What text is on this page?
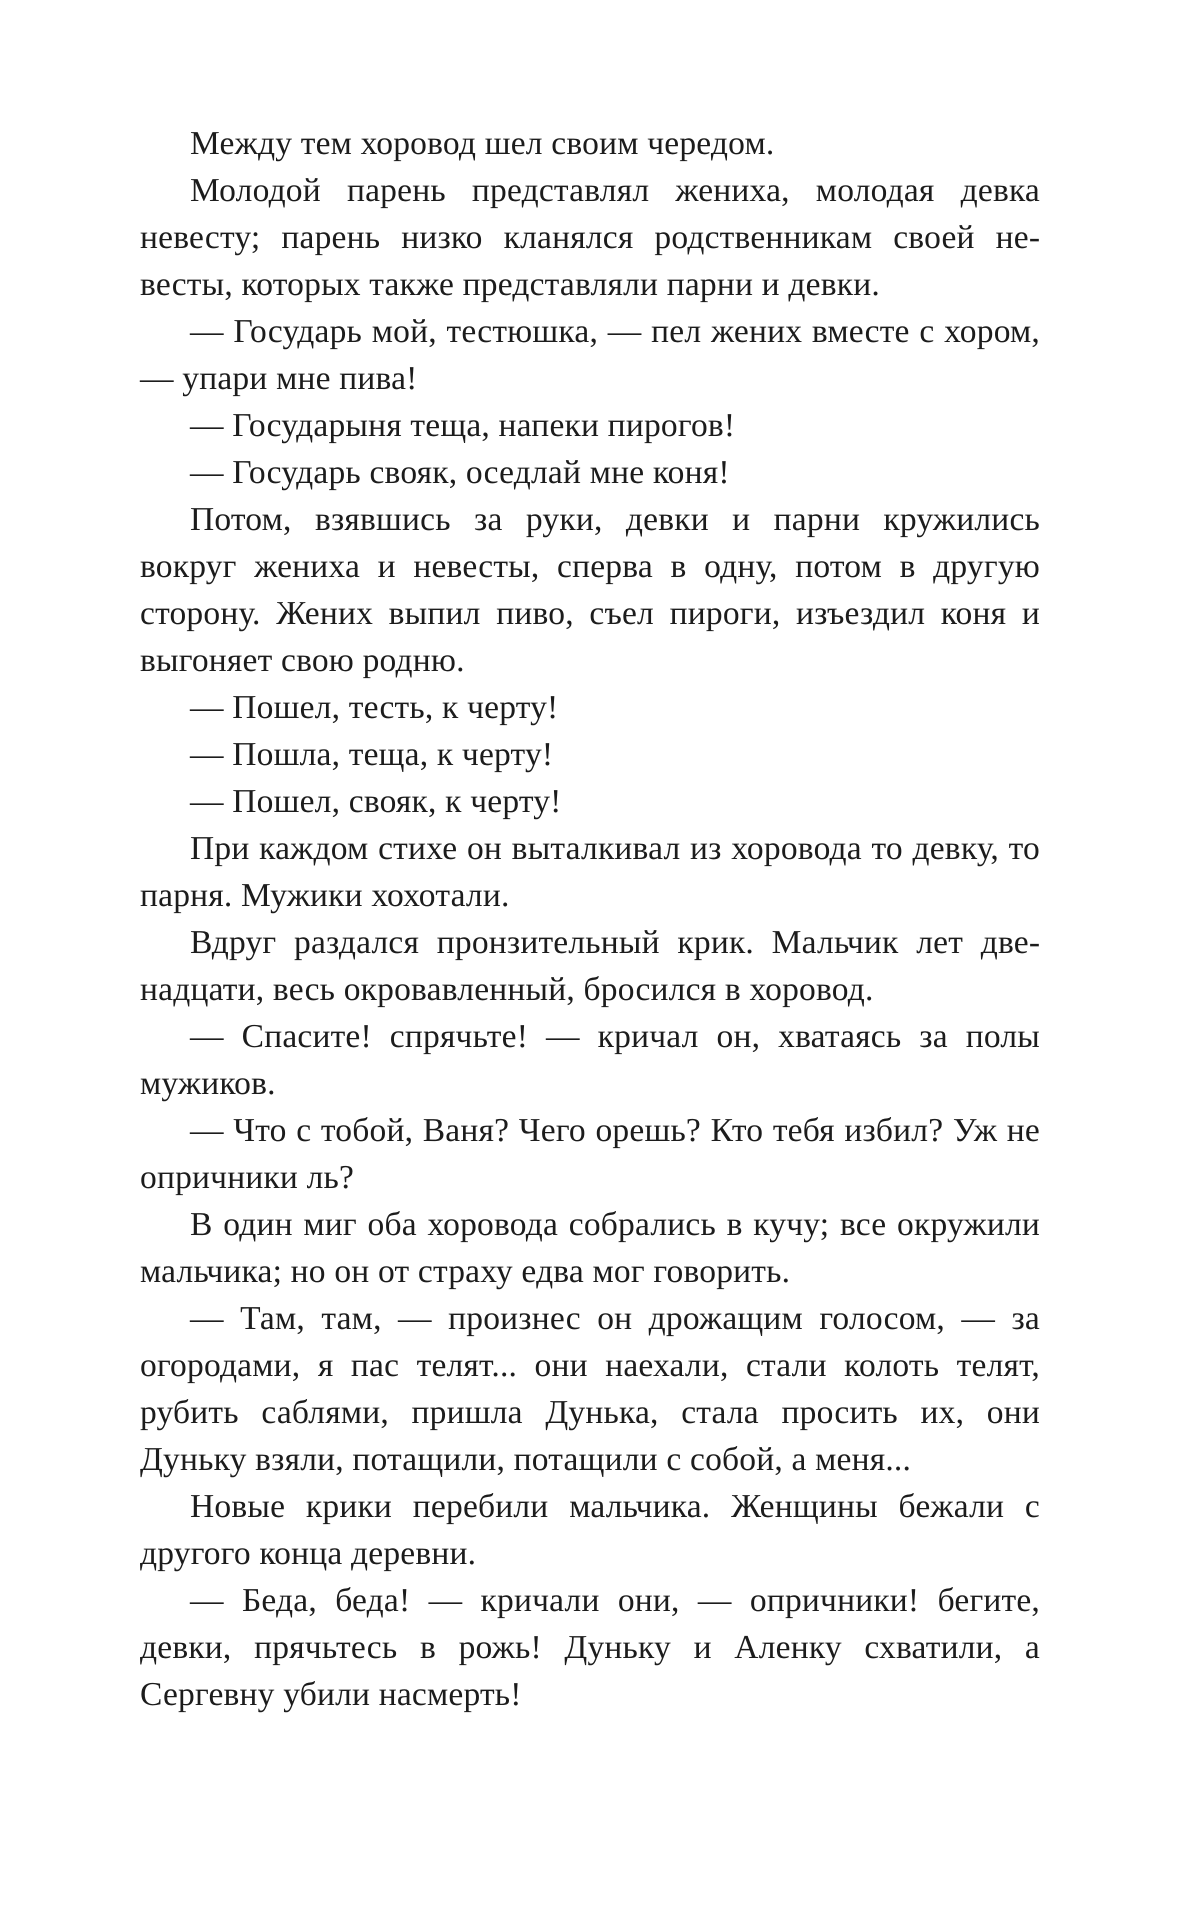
Между тем хоровод шел своим чередом.

Молодой парень представлял жениха, молодая девка невесту; парень низко кланялся родственникам своей невесты, которых также представляли парни и девки.

— Государь мой, тестюшка, — пел жених вместе с хором, — упари мне пива!

— Государыня теща, напеки пирогов!

— Государь свояк, оседлай мне коня!

Потом, взявшись за руки, девки и парни кружились вокруг жениха и невесты, сперва в одну, потом в другую сторону. Жених выпил пиво, съел пироги, изъездил коня и выгоняет свою родню.

— Пошел, тесть, к черту!

— Пошла, теща, к черту!

— Пошел, свояк, к черту!

При каждом стихе он выталкивал из хоровода то девку, то парня. Мужики хохотали.

Вдруг раздался пронзительный крик. Мальчик лет двенадцати, весь окровавленный, бросился в хоровод.

— Спасите! спрячьте! — кричал он, хватаясь за полы мужиков.

— Что с тобой, Ваня? Чего орешь? Кто тебя избил? Уж не опричники ль?

В один миг оба хоровода собрались в кучу; все окружили мальчика; но он от страху едва мог говорить.

— Там, там, — произнес он дрожащим голосом, — за огородами, я пас телят... они наехали, стали колоть телят, рубить саблями, пришла Дунька, стала просить их, они Дуньку взяли, потащили, потащили с собой, а меня...

Новые крики перебили мальчика. Женщины бежали с другого конца деревни.

— Беда, беда! — кричали они, — опричники! бегите, девки, прячьтесь в рожь! Дуньку и Аленку схватили, а Сергевну убили насмерть!
